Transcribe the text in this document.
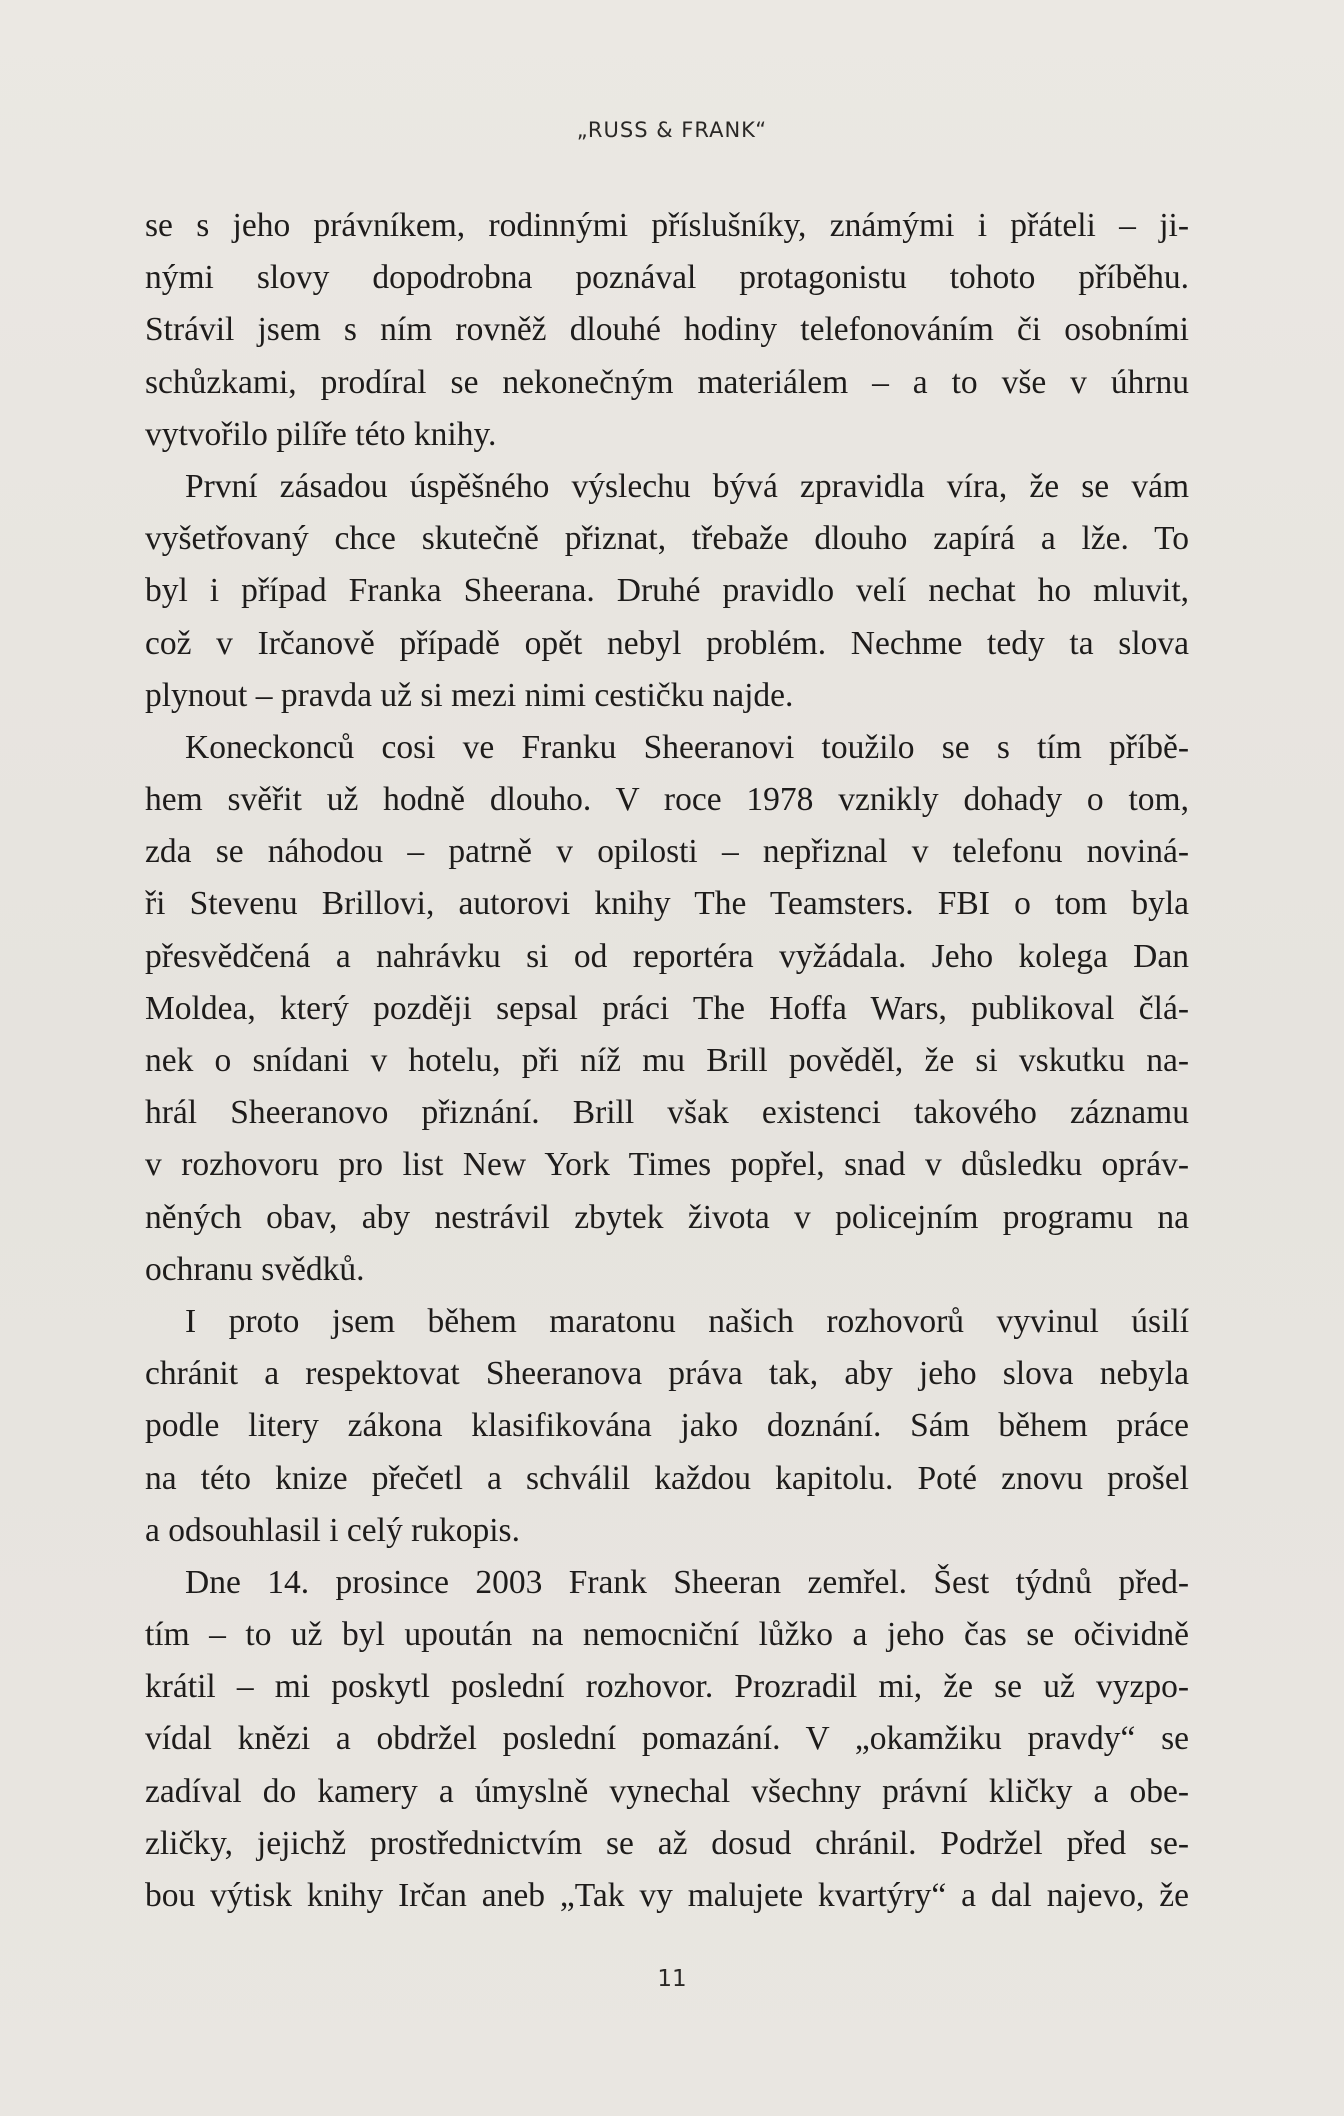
„RUSS & FRANK“
se s jeho právníkem, rodinnými příslušníky, známými i přáteli – ji-
nými slovy dopodrobna poznával protagonistu tohoto příběhu.
Strávil jsem s ním rovněž dlouhé hodiny telefonováním či osobními
schůzkami, prodíral se nekonečným materiálem – a to vše v úhrnu
vytvořilo pilíře této knihy.
První zásadou úspěšného výslechu bývá zpravidla víra, že se vám
vyšetřovaný chce skutečně přiznat, třebaže dlouho zapírá a lže. To
byl i případ Franka Sheerana. Druhé pravidlo velí nechat ho mluvit,
což v Irčanově případě opět nebyl problém. Nechme tedy ta slova
plynout – pravda už si mezi nimi cestičku najde.
Koneckonců cosi ve Franku Sheeranovi toužilo se s tím příbě-
hem svěřit už hodně dlouho. V roce 1978 vznikly dohady o tom,
zda se náhodou – patrně v opilosti – nepřiznal v telefonu noviná-
ři Stevenu Brillovi, autorovi knihy The Teamsters. FBI o tom byla
přesvědčená a nahrávku si od reportéra vyžádala. Jeho kolega Dan
Moldea, který později sepsal práci The Hoffa Wars, publikoval člá-
nek o snídani v hotelu, při níž mu Brill pověděl, že si vskutku na-
hrál Sheeranovo přiznání. Brill však existenci takového záznamu
v rozhovoru pro list New York Times popřel, snad v důsledku opráv-
něných obav, aby nestrávil zbytek života v policejním programu na
ochranu svědků.
I proto jsem během maratonu našich rozhovorů vyvinul úsilí
chránit a respektovat Sheeranova práva tak, aby jeho slova nebyla
podle litery zákona klasifikována jako doznání. Sám během práce
na této knize přečetl a schválil každou kapitolu. Poté znovu prošel
a odsouhlasil i celý rukopis.
Dne 14. prosince 2003 Frank Sheeran zemřel. Šest týdnů před-
tím – to už byl upoután na nemocniční lůžko a jeho čas se očividně
krátil – mi poskytl poslední rozhovor. Prozradil mi, že se už vyzpo-
vídal knězi a obdržel poslední pomazání. V „okamžiku pravdy“ se
zadíval do kamery a úmyslně vynechal všechny právní kličky a obe-
zličky, jejichž prostřednictvím se až dosud chránil. Podržel před se-
bou výtisk knihy Irčan aneb „Tak vy malujete kvartýry“ a dal najevo, že
11
